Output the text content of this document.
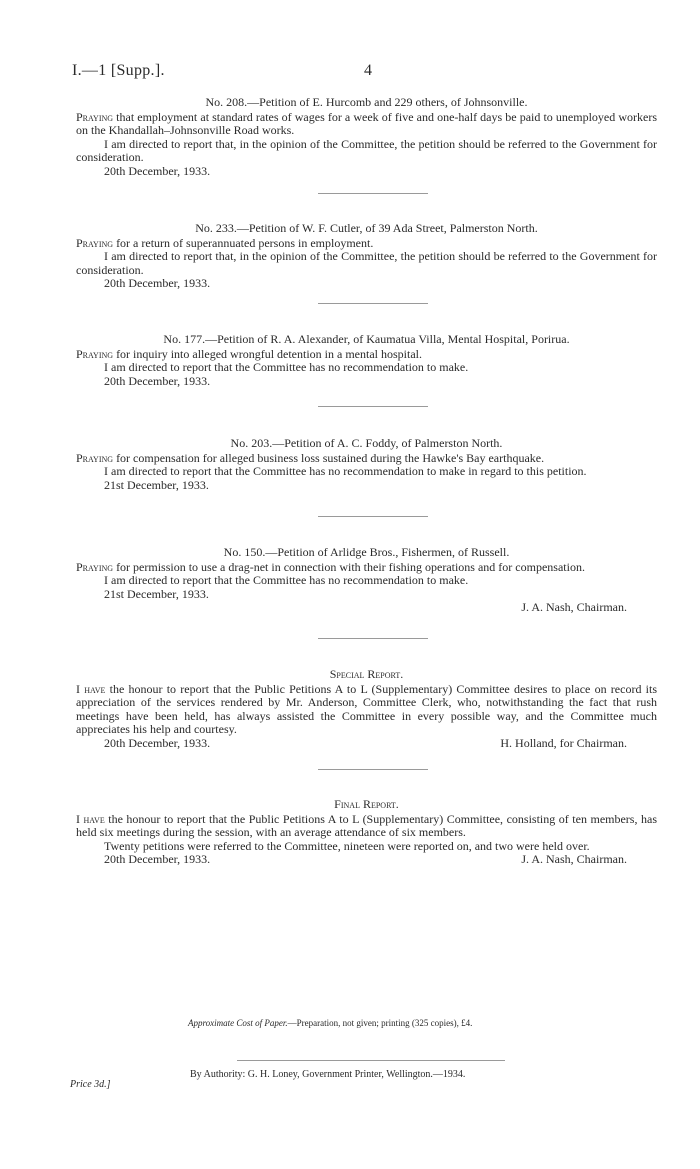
I.—1 [Supp.].	4
No. 208.—Petition of E. Hurcomb and 229 others, of Johnsonville.

Praying that employment at standard rates of wages for a week of five and one-half days be paid to unemployed workers on the Khandallah–Johnsonville Road works.

I am directed to report that, in the opinion of the Committee, the petition should be referred to the Government for consideration.

20th December, 1933.
No. 233.—Petition of W. F. Cutler, of 39 Ada Street, Palmerston North.

Praying for a return of superannuated persons in employment.

I am directed to report that, in the opinion of the Committee, the petition should be referred to the Government for consideration.

20th December, 1933.
No. 177.—Petition of R. A. Alexander, of Kaumatua Villa, Mental Hospital, Porirua.

Praying for inquiry into alleged wrongful detention in a mental hospital.

I am directed to report that the Committee has no recommendation to make.

20th December, 1933.
No. 203.—Petition of A. C. Foddy, of Palmerston North.

Praying for compensation for alleged business loss sustained during the Hawke's Bay earthquake.

I am directed to report that the Committee has no recommendation to make in regard to this petition.

21st December, 1933.
No. 150.—Petition of Arlidge Bros., Fishermen, of Russell.

Praying for permission to use a drag-net in connection with their fishing operations and for compensation.

I am directed to report that the Committee has no recommendation to make.

21st December, 1933.
J. A. Nash, Chairman.
Special Report.

I have the honour to report that the Public Petitions A to L (Supplementary) Committee desires to place on record its appreciation of the services rendered by Mr. Anderson, Committee Clerk, who, notwithstanding the fact that rush meetings have been held, has always assisted the Committee in every possible way, and the Committee much appreciates his help and courtesy.

20th December, 1933.	H. Holland, for Chairman.
Final Report.

I have the honour to report that the Public Petitions A to L (Supplementary) Committee, consisting of ten members, has held six meetings during the session, with an average attendance of six members.

Twenty petitions were referred to the Committee, nineteen were reported on, and two were held over.

20th December, 1933.	J. A. Nash, Chairman.
Approximate Cost of Paper.—Preparation, not given; printing (325 copies), £4.
Price 3d.]
By Authority: G. H. Loney, Government Printer, Wellington.—1934.
